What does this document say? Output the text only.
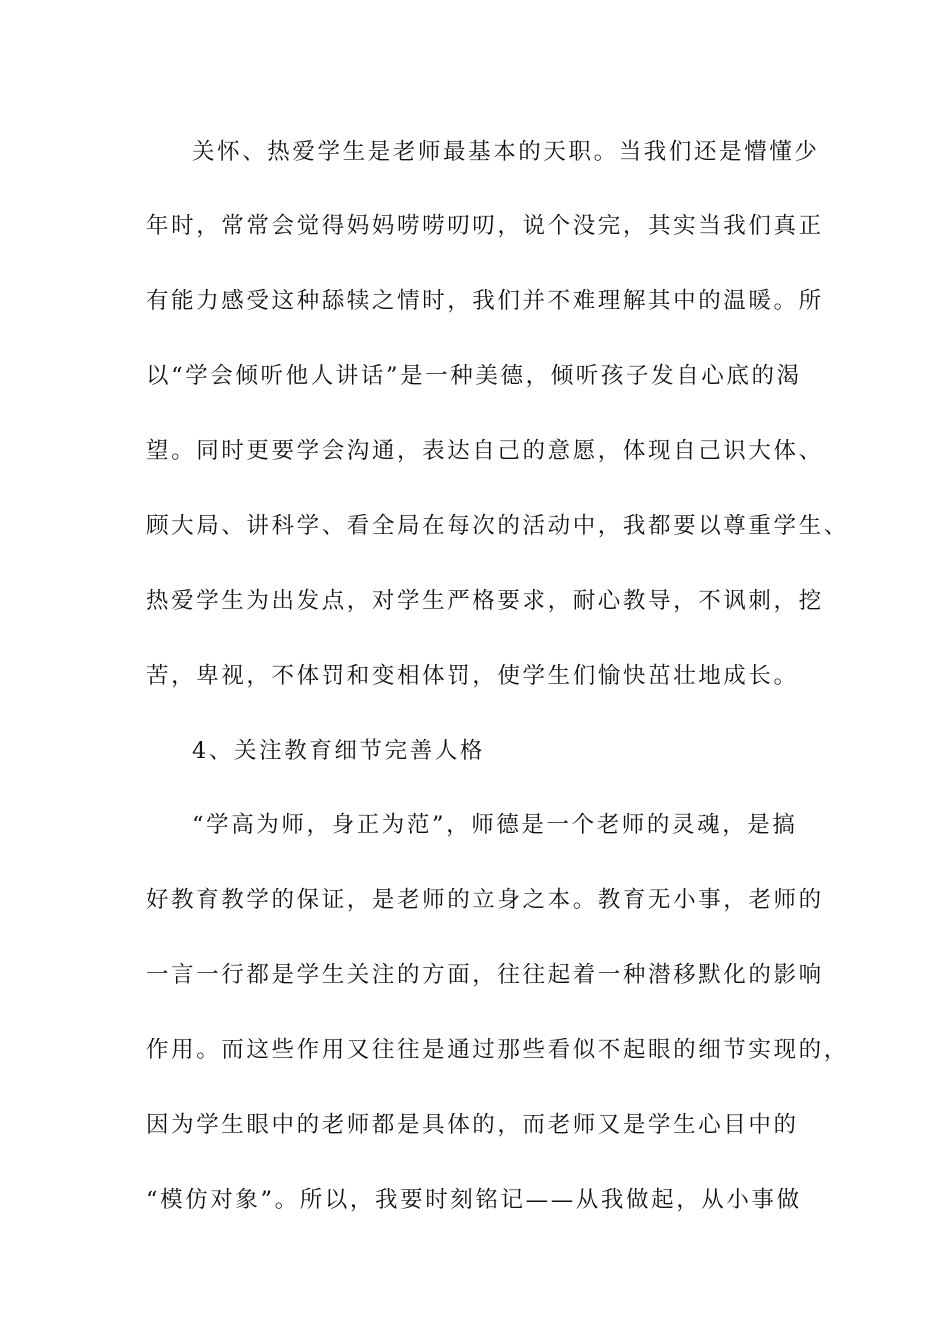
关怀、热爱学生是老师最基本的天职。当我们还是懵懂少
年时，常常会觉得妈妈唠唠叨叨，说个没完，其实当我们真正
有能力感受这种舔犊之情时，我们并不难理解其中的温暖。所
以“学会倾听他人讲话”是一种美德，倾听孩子发自心底的渴
望。同时更要学会沟通，表达自己的意愿，体现自己识大体、
顾大局、讲科学、看全局在每次的活动中，我都要以尊重学生、
热爱学生为出发点，对学生严格要求，耐心教导，不讽刺，挖
苦，卑视，不体罚和变相体罚，使学生们愉快茁壮地成长。
4、关注教育细节完善人格
“学高为师，身正为范”，师德是一个老师的灵魂，是搞
好教育教学的保证，是老师的立身之本。教育无小事，老师的
一言一行都是学生关注的方面，往往起着一种潜移默化的影响
作用。而这些作用又往往是通过那些看似不起眼的细节实现的，
因为学生眼中的老师都是具体的，而老师又是学生心目中的
“模仿对象”。所以，我要时刻铭记——从我做起，从小事做
